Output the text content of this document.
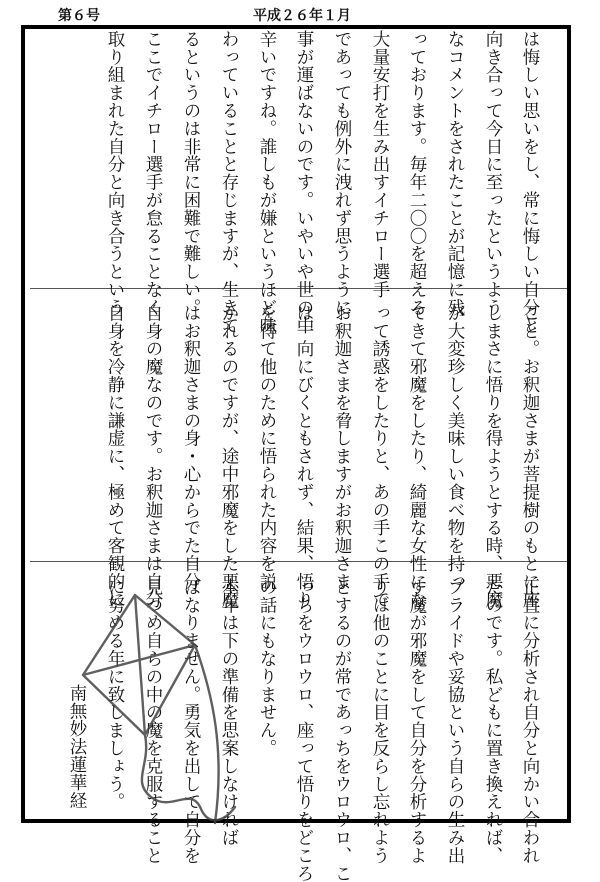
第６号	平成２６年１月
は悔しい思いをし、常に悔しい自分と
向き合って今日に至ったというよう
なコメントをされたことが記憶に残
っております。毎年二〇〇を超える
大量安打を生み出すイチロー選手
であっても例外に洩れず思うように
事が運ばないのです。いやいや世の中
辛いですね。誰しもが嫌というほど味
わっていることと存じますが、生きて
るというのは非常に困難で難しい。
ここでイチロー選手が怠ることなく
取り組まれた自分と向き合うという
こと。お釈迦さまが菩提樹のもとに座
しまさに悟りを得ようとする時、悪魔
が大変珍しく美味しい食べ物を持っ
てきて邪魔をしたり、綺麗な女性にな
って誘惑をしたりと、あの手この手で
お釈迦さまを脅しますがお釈迦さま
は一向にびくともされず、結果、悟り
を得て他のために悟られた内容を説
かれるのですが、途中邪魔をした悪魔
はお釈迦さまの身・心からでた自分
自身の魔なのです。お釈迦さまは自分
自身を冷静に謙虚に、極めて客観的に
正直に分析され自分と向かい合われ
たのです。私どもに置き換えれば、
プライドや妥協という自らの生み出
す魔が邪魔をして自分を分析するよ
りは他のことに目を反らし忘れよう
とするのが常であっちをウロウロ、こ
っちをウロウロ、座って悟りをどころ
の話にもなりません。
本年は下の準備を思案しなければ
ばなりません。勇気を出して自分を
見つめ自らの中の魔を克服すること
に努める年に致しましょう。
南無妙法蓮華経
